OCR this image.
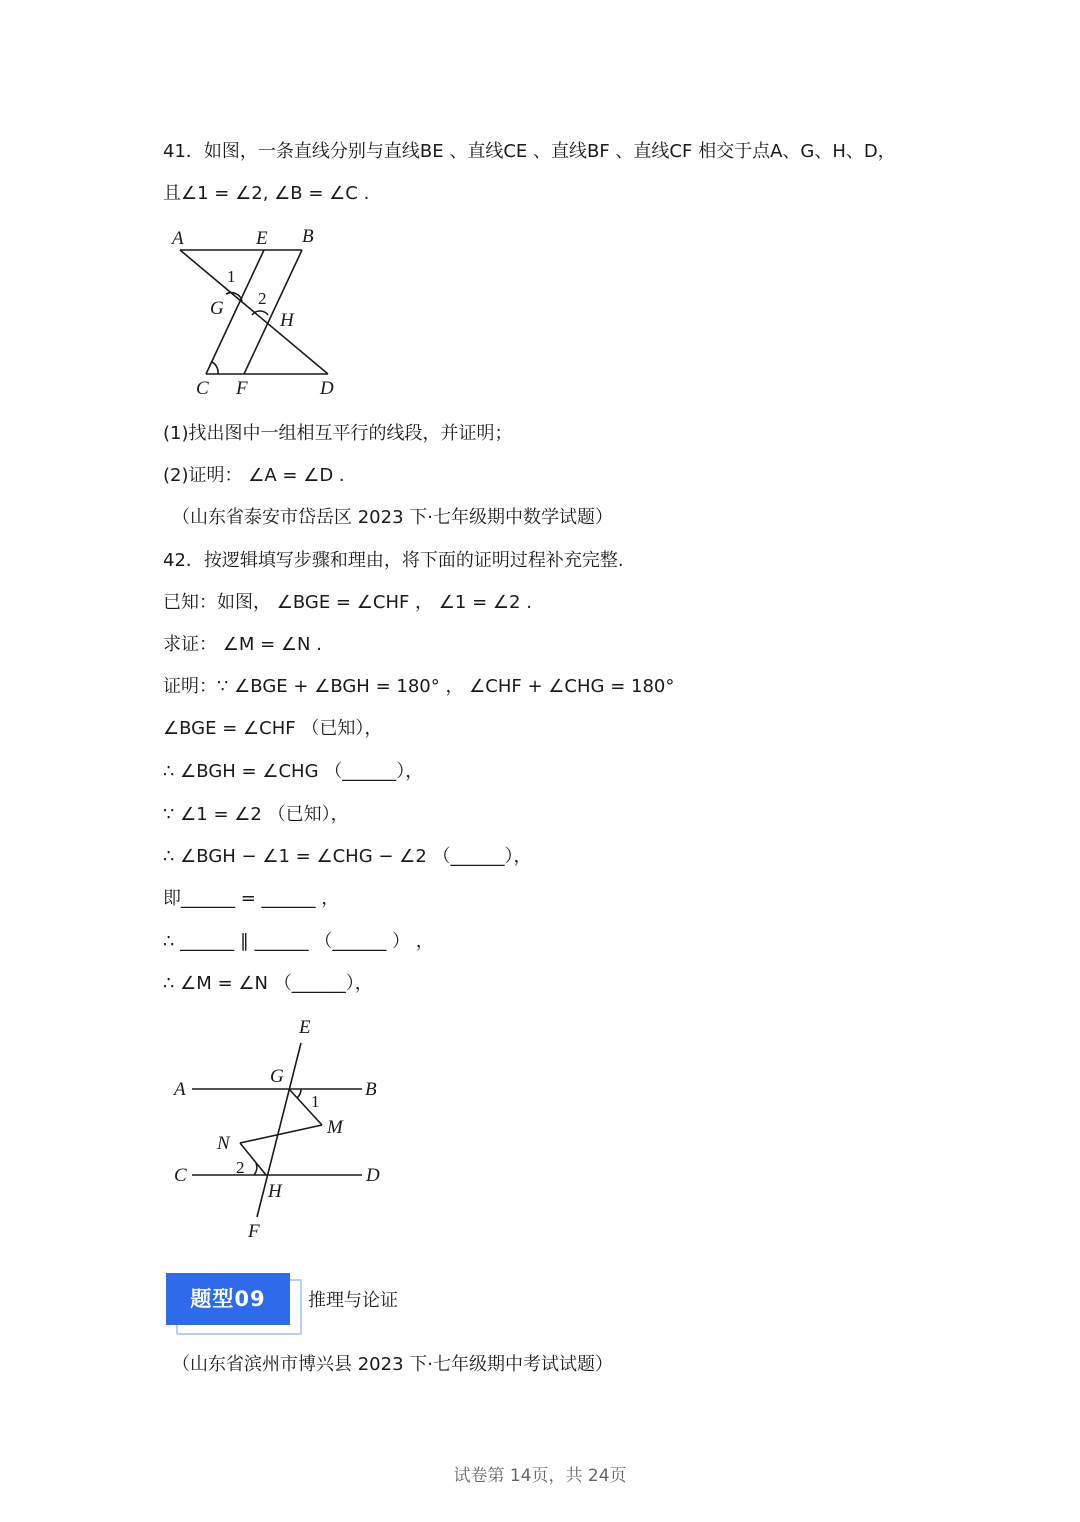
41．如图，一条直线分别与直线BE 、直线CE 、直线BF 、直线CF 相交于点A、G、H、D，
且∠1 = ∠2, ∠B = ∠C .
A	E B
1
2
G
H
C F	D
(1)找出图中一组相互平行的线段，并证明；
(2)证明： ∠A = ∠D .
（山东省泰安市岱岳区 2023 下·七年级期中数学试题）
42．按逻辑填写步骤和理由，将下面的证明过程补充完整.
已知：如图， ∠BGE = ∠CHF ， ∠1 = ∠2 .
求证： ∠M = ∠N .
证明：∵ ∠BGE + ∠BGH = 180° ， ∠CHF + ∠CHG = 180°
∠BGE = ∠CHF （已知），
∴ ∠BGH = ∠CHG （______），
∵ ∠1 = ∠2 （已知），
∴ ∠BGH − ∠1 = ∠CHG − ∠2 （______），
即______ = ______ ，
∴ ______ ∥ ______ （______ ） ，
∴ ∠M = ∠N （______），
E
G
A	B
1
M
N
2
C	D
H
F
题型09	推理与论证
（山东省滨州市博兴县 2023 下·七年级期中考试试题）
试卷第 14页，共 24页
